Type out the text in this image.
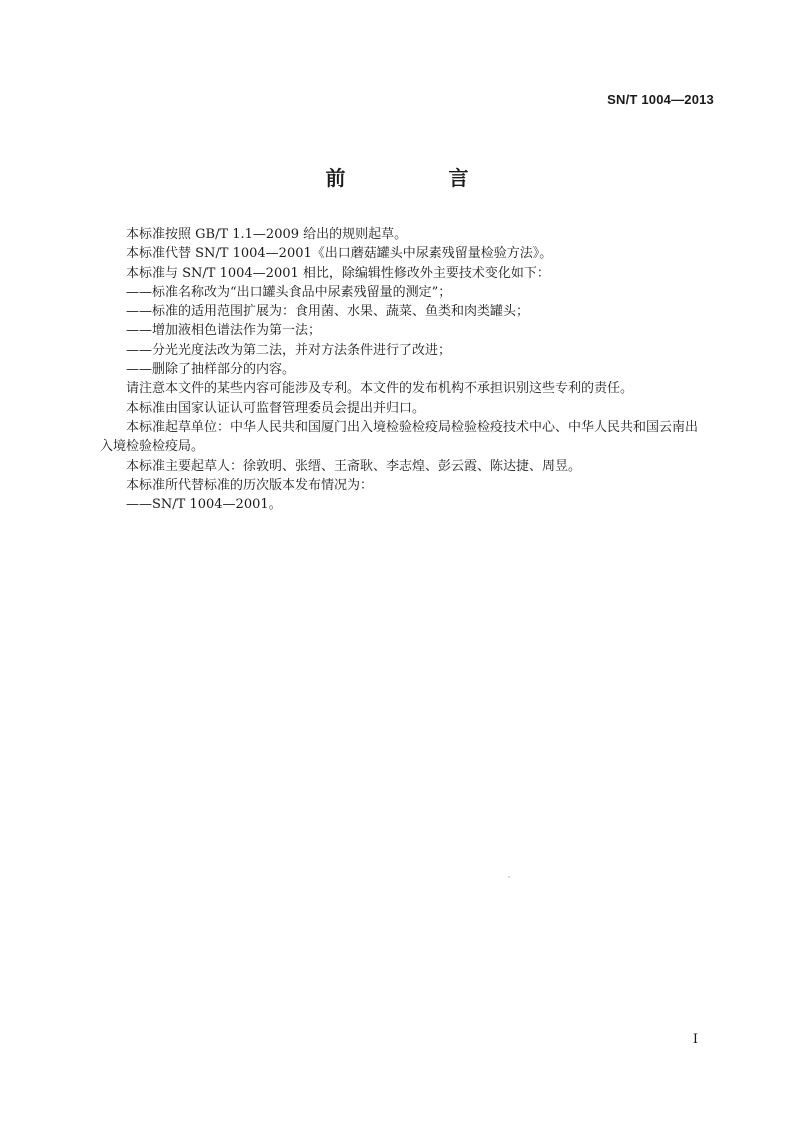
SN/T 1004—2013
前 言

本标准按照 GB/T 1.1—2009 给出的规则起草。

本标准代替 SN/T 1004—2001《出口蘑菇罐头中尿素残留量检验方法》。

本标准与 SN/T 1004—2001 相比，除编辑性修改外主要技术变化如下：

——标准名称改为“出口罐头食品中尿素残留量的测定”；

——标准的适用范围扩展为：食用菌、水果、蔬菜、鱼类和肉类罐头；

——增加液相色谱法作为第一法；

——分光光度法改为第二法，并对方法条件进行了改进；

——删除了抽样部分的内容。

请注意本文件的某些内容可能涉及专利。本文件的发布机构不承担识别这些专利的责任。

本标准由国家认证认可监督管理委员会提出并归口。

本标准起草单位：中华人民共和国厦门出入境检验检疫局检验检疫技术中心、中华人民共和国云南出入境检验检疫局。

本标准主要起草人：徐敦明、张缙、王斋耿、李志煌、彭云霞、陈达捷、周昱。

本标准所代替标准的历次版本发布情况为：

——SN/T 1004—2001。

I
